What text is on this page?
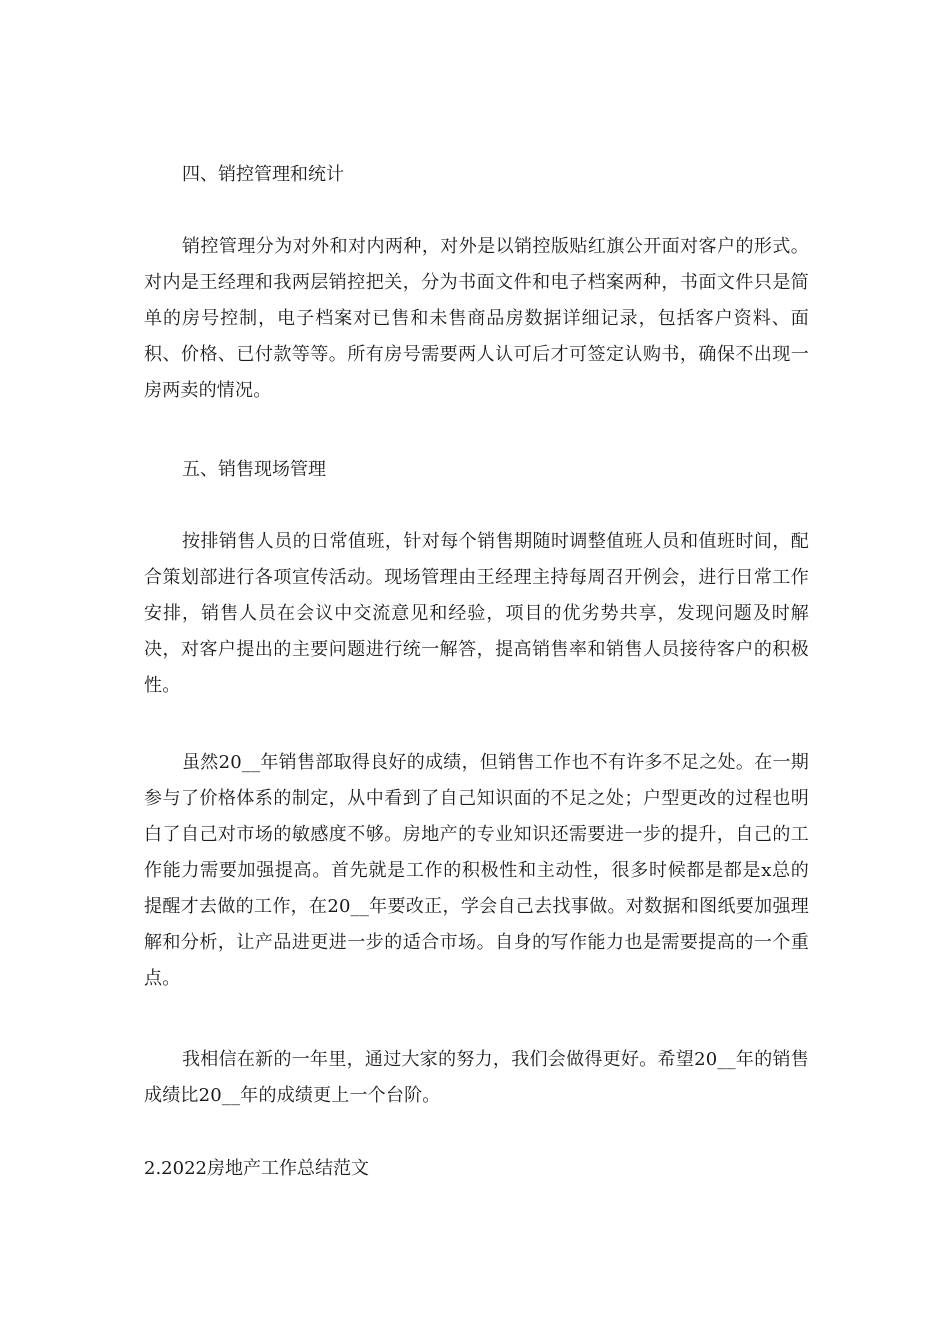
四、销控管理和统计

销控管理分为对外和对内两种，对外是以销控版贴红旗公开面对客户的形式。对内是王经理和我两层销控把关，分为书面文件和电子档案两种，书面文件只是简单的房号控制，电子档案对已售和未售商品房数据详细记录，包括客户资料、面积、价格、已付款等等。所有房号需要两人认可后才可签定认购书，确保不出现一房两卖的情况。

五、销售现场管理

按排销售人员的日常值班，针对每个销售期随时调整值班人员和值班时间，配合策划部进行各项宣传活动。现场管理由王经理主持每周召开例会，进行日常工作安排，销售人员在会议中交流意见和经验，项目的优劣势共享，发现问题及时解决，对客户提出的主要问题进行统一解答，提高销售率和销售人员接待客户的积极性。

虽然20__年销售部取得良好的成绩，但销售工作也不有许多不足之处。在一期参与了价格体系的制定，从中看到了自己知识面的不足之处；户型更改的过程也明白了自己对市场的敏感度不够。房地产的专业知识还需要进一步的提升，自己的工作能力需要加强提高。首先就是工作的积极性和主动性，很多时候都是都是x总的提醒才去做的工作，在20__年要改正，学会自己去找事做。对数据和图纸要加强理解和分析，让产品进更进一步的适合市场。自身的写作能力也是需要提高的一个重点。

我相信在新的一年里，通过大家的努力，我们会做得更好。希望20__年的销售成绩比20__年的成绩更上一个台阶。

2.2022房地产工作总结范文
